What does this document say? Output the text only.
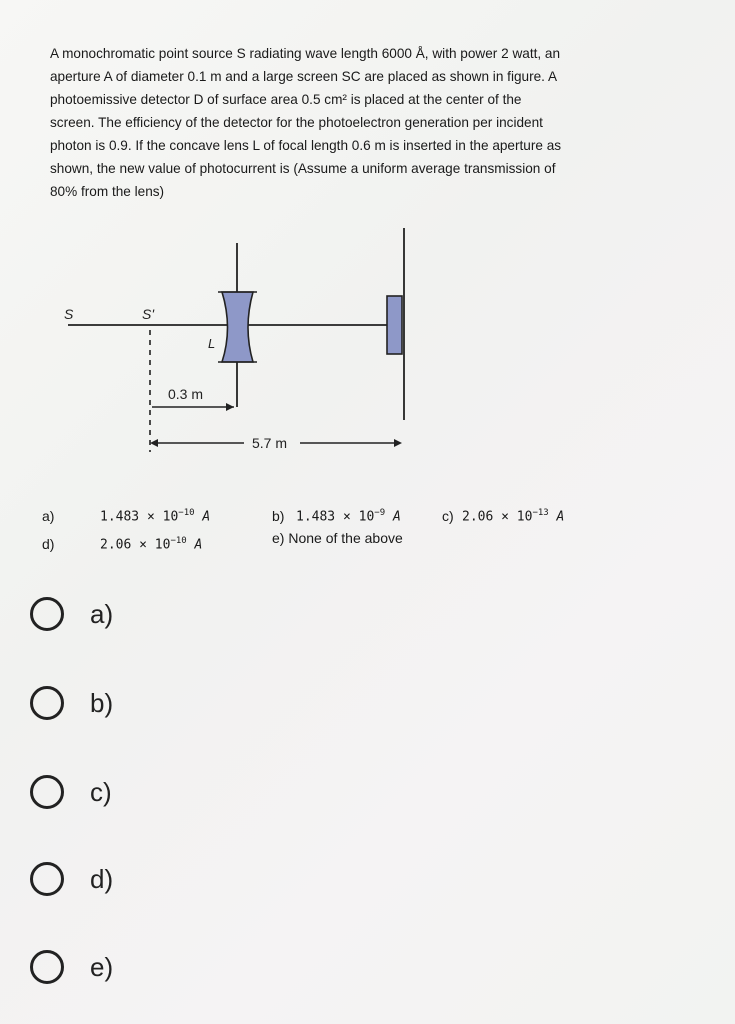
A monochromatic point source S radiating wave length 6000 Å, with power 2 watt, an

aperture A of diameter 0.1 m and a large screen SC are placed as shown in figure. A

photoemissive detector D of surface area 0.5 cm² is placed at the center of the

screen. The efficiency of the detector for the photoelectron generation per incident

photon is 0.9. If the concave lens L of focal length 0.6 m is inserted in the aperture as

shown, the new value of photocurrent is (Assume a uniform average transmission of

80% from the lens)

S	S'
L
0.3 m
5.7 m
a)	$1.483 \times 10^{-10}$ A	b) $1.483 \times 10^{-9}$ A	c) $2.06 \times 10^{-13}$ A
d)	$2.06 \times 10^{-10}$ A	e) None of the above
a)
b)
c)
d)
e)
